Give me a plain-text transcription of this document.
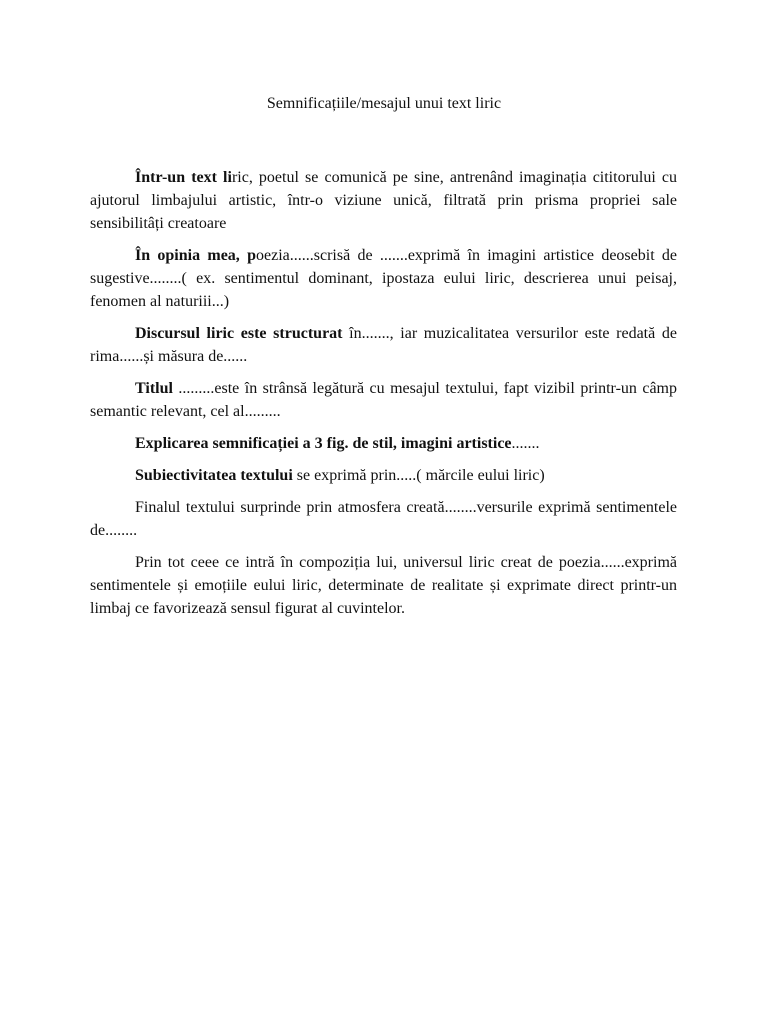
Semnificațiile/mesajul unui text liric

Într-un text liric, poetul se comunică pe sine, antrenând imaginația cititorului cu ajutorul limbajului artistic, într-o viziune unică, filtrată prin prisma propriei sale sensibilitâți creatoare

În opinia mea, poezia......scrisă de .......exprimă în imagini artistice deosebit de sugestive........( ex. sentimentul dominant, ipostaza eului liric, descrierea unui peisaj, fenomen al naturiii...)

Discursul liric este structurat în......., iar muzicalitatea versurilor este redată de rima......și măsura de......

Titlul .........este în strânsă legătură cu mesajul textului, fapt vizibil printr-un câmp semantic relevant, cel al.........

Explicarea semnificației a 3 fig. de stil, imagini artistice.......

Subiectivitatea textului se exprimă prin.....( mărcile eului liric)

Finalul textului surprinde prin atmosfera creată........versurile exprimă sentimentele de........

Prin tot ceee ce intră în compoziția lui, universul liric creat de poezia......exprimă sentimentele și emoțiile eului liric, determinate de realitate și exprimate direct printr-un limbaj ce favorizează sensul figurat al cuvintelor.
